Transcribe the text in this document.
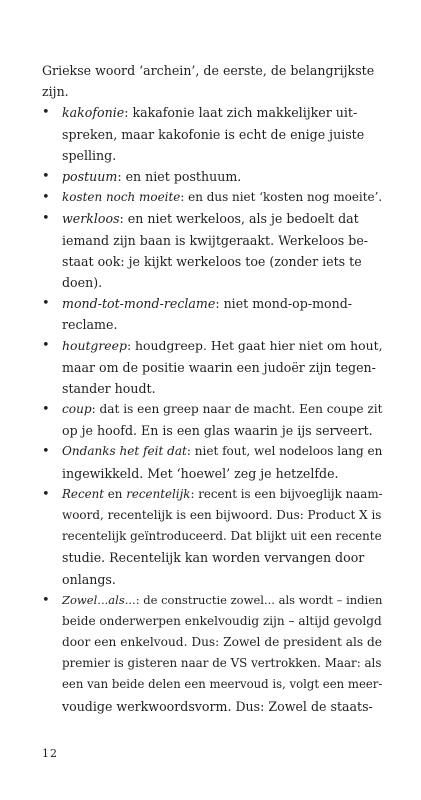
Griekse woord ‘archein’, de eerste, de belangrijkste
zijn.
• kakofonie: kakafonie laat zich makkelijker uit-
spreken, maar kakofonie is echt de enige juiste
spelling.
• postuum: en niet posthuum.
• kosten noch moeite: en dus niet ‘kosten nog moeite’.
• werkloos: en niet werkeloos, als je bedoelt dat
iemand zijn baan is kwijtgeraakt. Werkeloos be-
staat ook: je kijkt werkeloos toe (zonder iets te
doen).
• mond-tot-mond-reclame: niet mond-op-mond-
reclame.
• houtgreep: houdgreep. Het gaat hier niet om hout,
maar om de positie waarin een judoër zijn tegen-
stander houdt.
• coup: dat is een greep naar de macht. Een coupe zit
op je hoofd. En is een glas waarin je ijs serveert.
• Ondanks het feit dat: niet fout, wel nodeloos lang en
ingewikkeld. Met ‘hoewel’ zeg je hetzelfde.
• Recent en recentelijk: recent is een bijvoeglijk naam-
woord, recentelijk is een bijwoord. Dus: Product X is
recentelijk geïntroduceerd. Dat blijkt uit een recente
studie. Recentelijk kan worden vervangen door
onlangs.
• Zowel...als...: de constructie zowel... als wordt – indien
beide onderwerpen enkelvoudig zijn – altijd gevolgd
door een enkelvoud. Dus: Zowel de president als de
premier is gisteren naar de VS vertrokken. Maar: als
een van beide delen een meervoud is, volgt een meer-
voudige werkwoordsvorm. Dus: Zowel de staats-
12
